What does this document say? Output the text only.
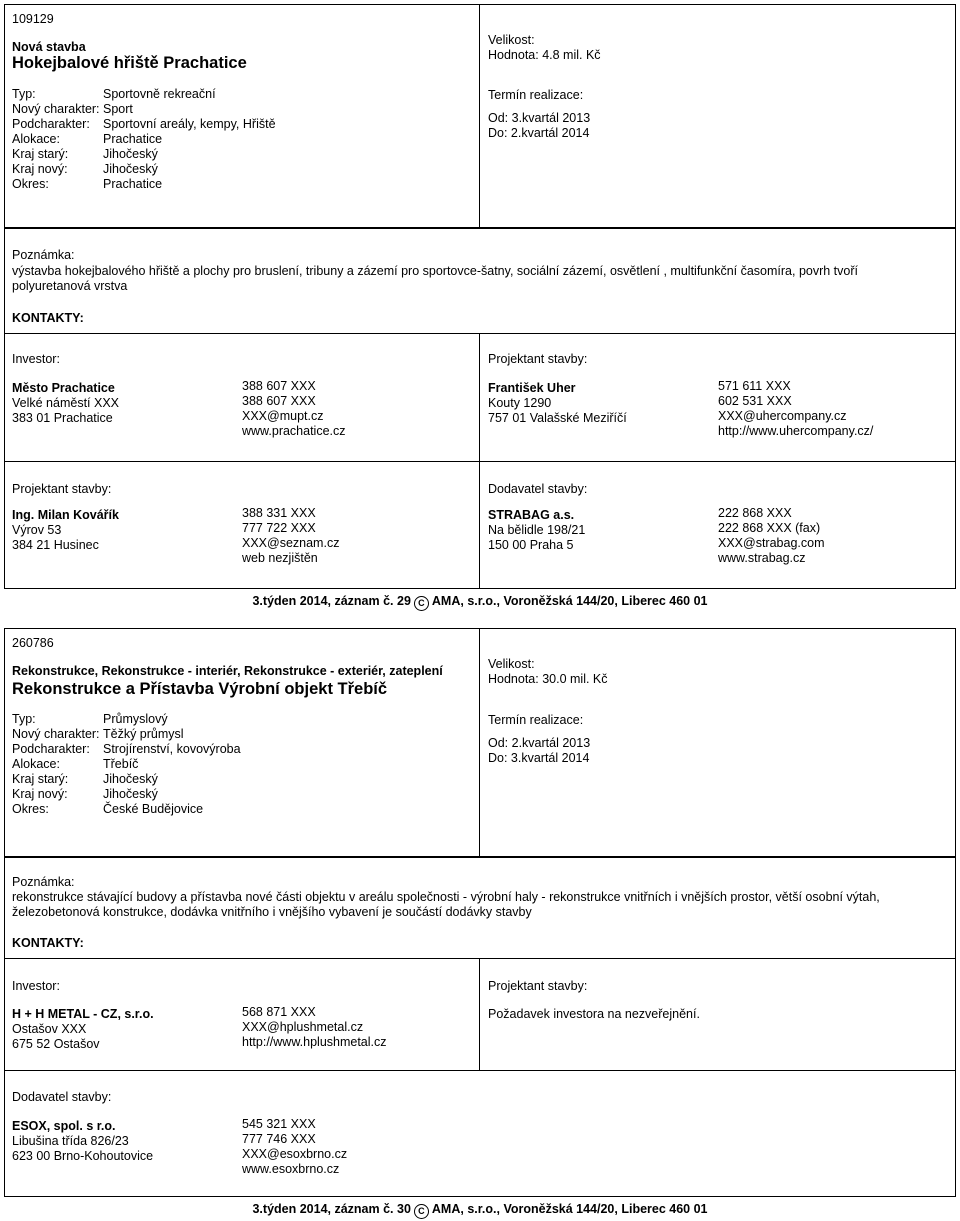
109129
Nová stavba
Hokejbalové hřiště Prachatice
Typ:	Sportovně rekreační
Nový charakter: Sport
Podcharakter:	Sportovní areály, kempy, Hřiště
Alokace:	Prachatice
Kraj starý:	Jihočeský
Kraj nový:	Jihočeský
Okres:	Prachatice
Velikost:
Hodnota: 4.8 mil. Kč
Termín realizace:
Od: 3.kvartál 2013
Do: 2.kvartál 2014
Poznámka:
výstavba hokejbalového hřiště a plochy pro bruslení, tribuny a zázemí pro sportovce-šatny, sociální zázemí, osvětlení , multifunkční časomíra, povrh tvoří polyuretanová vrstva
KONTAKTY:
Investor:
Město Prachatice
Velké náměstí XXX
383 01 Prachatice
388 607 XXX
388 607 XXX
XXX@mupt.cz
www.prachatice.cz
Projektant stavby:
František Uher
Kouty 1290
757 01 Valašské Meziříčí
571 611 XXX
602 531 XXX
XXX@uhercompany.cz
http://www.uhercompany.cz/
Projektant stavby:
Ing. Milan Kovářík
Výrov 53
384 21 Husinec
388 331 XXX
777 722 XXX
XXX@seznam.cz
web nezjištěn
Dodavatel stavby:
STRABAG a.s.
Na bělidle 198/21
150 00 Praha 5
222 868 XXX
222 868 XXX (fax)
XXX@strabag.com
www.strabag.cz
3.týden 2014, záznam č. 29 C AMA, s.r.o., Voroněžská 144/20, Liberec 460 01
260786
Rekonstrukce, Rekonstrukce - interiér, Rekonstrukce - exteriér, zateplení
Rekonstrukce a Přístavba Výrobní objekt Třebíč
Typ:	Průmyslový
Nový charakter: Těžký průmysl
Podcharakter:	Strojírenství, kovovýroba
Alokace:	Třebíč
Kraj starý:	Jihočeský
Kraj nový:	Jihočeský
Okres:	České Budějovice
Velikost:
Hodnota: 30.0 mil. Kč
Termín realizace:
Od: 2.kvartál 2013
Do: 3.kvartál 2014
Poznámka:
rekonstrukce stávající budovy a přístavba nové části objektu v areálu společnosti - výrobní haly - rekonstrukce vnitřních i vnějších prostor, větší osobní výtah, železobetonová konstrukce, dodávka vnitřního i vnějšího vybavení je součástí dodávky stavby
KONTAKTY:
Investor:
H + H METAL - CZ, s.r.o.
Ostašov XXX
675 52 Ostašov
568 871 XXX
XXX@hplushmetal.cz
http://www.hplushmetal.cz
Projektant stavby:
Požadavek investora na nezveřejnění.
Dodavatel stavby:
ESOX, spol. s r.o.
Libušina třída 826/23
623 00 Brno-Kohoutovice
545 321 XXX
777 746 XXX
XXX@esoxbrno.cz
www.esoxbrno.cz
3.týden 2014, záznam č. 30 C AMA, s.r.o., Voroněžská 144/20, Liberec 460 01
